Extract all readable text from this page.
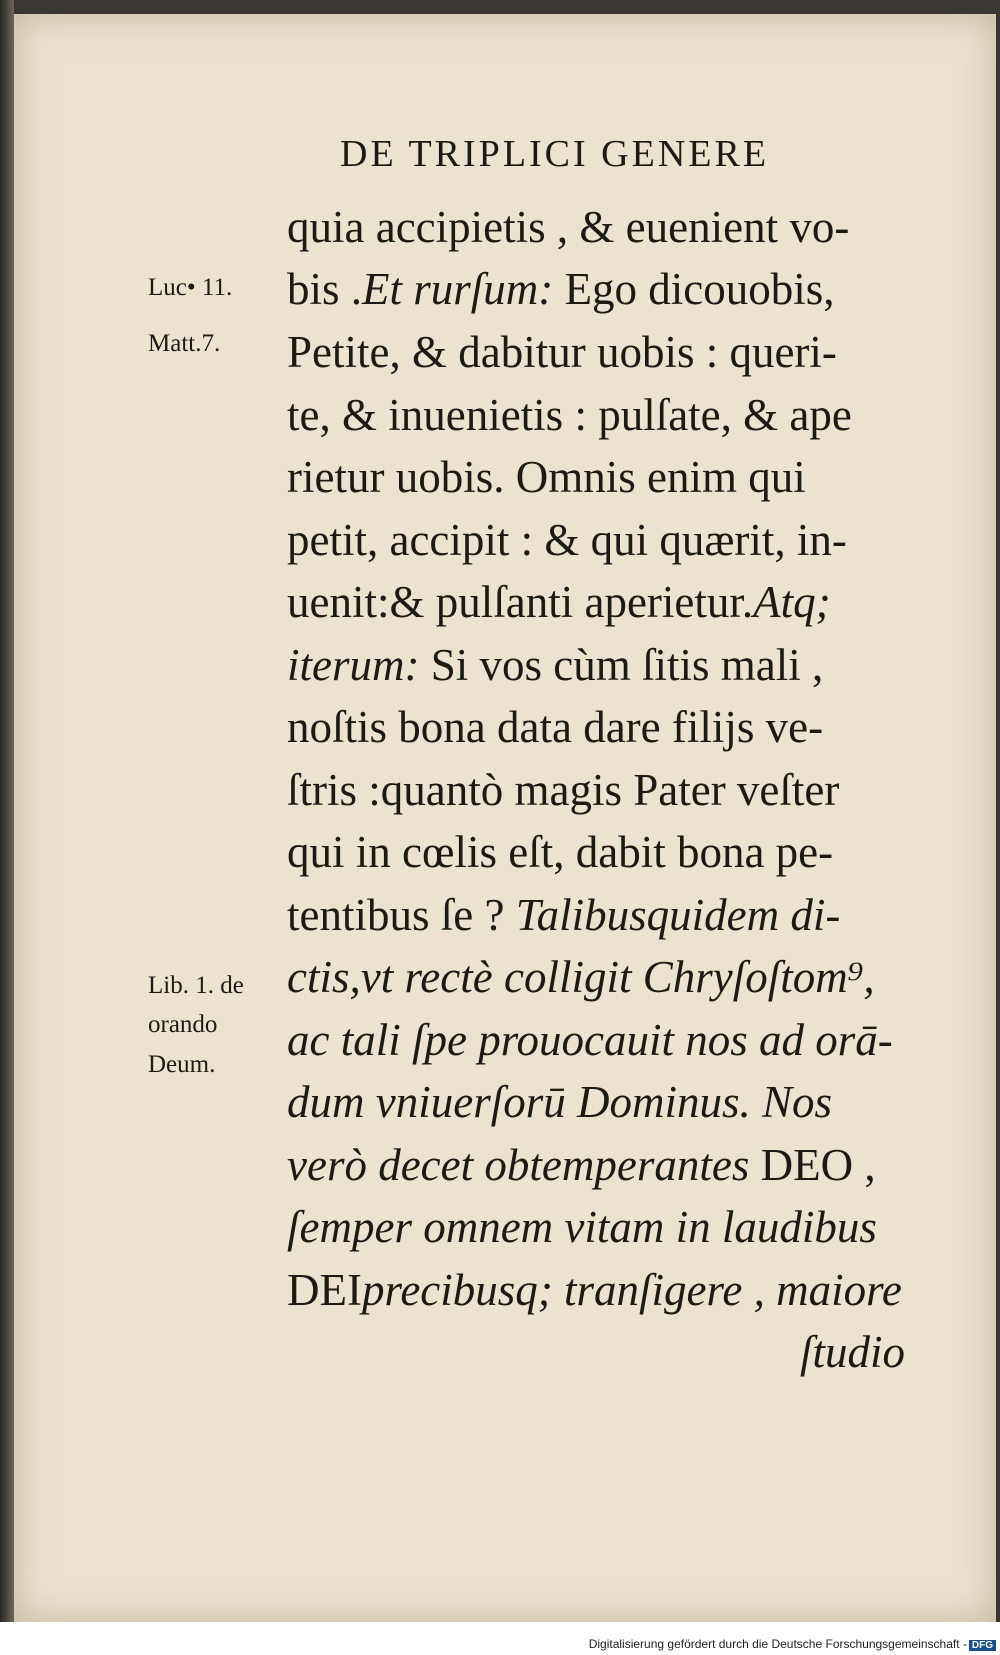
DE TRIPLICI GENERE
Luc• 11.
Matt.7.
Lib. 1. de
orando
Deum.
quia accipietis , & euenient vo-
bis .Et rurſum: Ego dicouobis,
Petite, & dabitur uobis : queri-
te, & inuenietis : pulſate, & ape
rietur uobis. Omnis enim qui
petit, accipit : & qui quærit, in-
uenit:& pulſanti aperietur.Atq;
iterum: Si vos cùm ſitis mali ,
noſtis bona data dare filijs ve-
ſtris :quantò magis Pater veſter
qui in cœlis eſt, dabit bona pe-
tentibus ſe ? Talibusquidem di-
ctis,vt rectè colligit Chryſoſtom⁹,
ac tali ſpe prouocauit nos ad orā-
dum vniuerſorū Dominus. Nos
verò decet obtemperantes DEO ,
ſemper omnem vitam in laudibus
DEIprecibusq; tranſigere , maiore
ſtudio
Digitalisierung gefördert durch die Deutsche Forschungsgemeinschaft - DFG
